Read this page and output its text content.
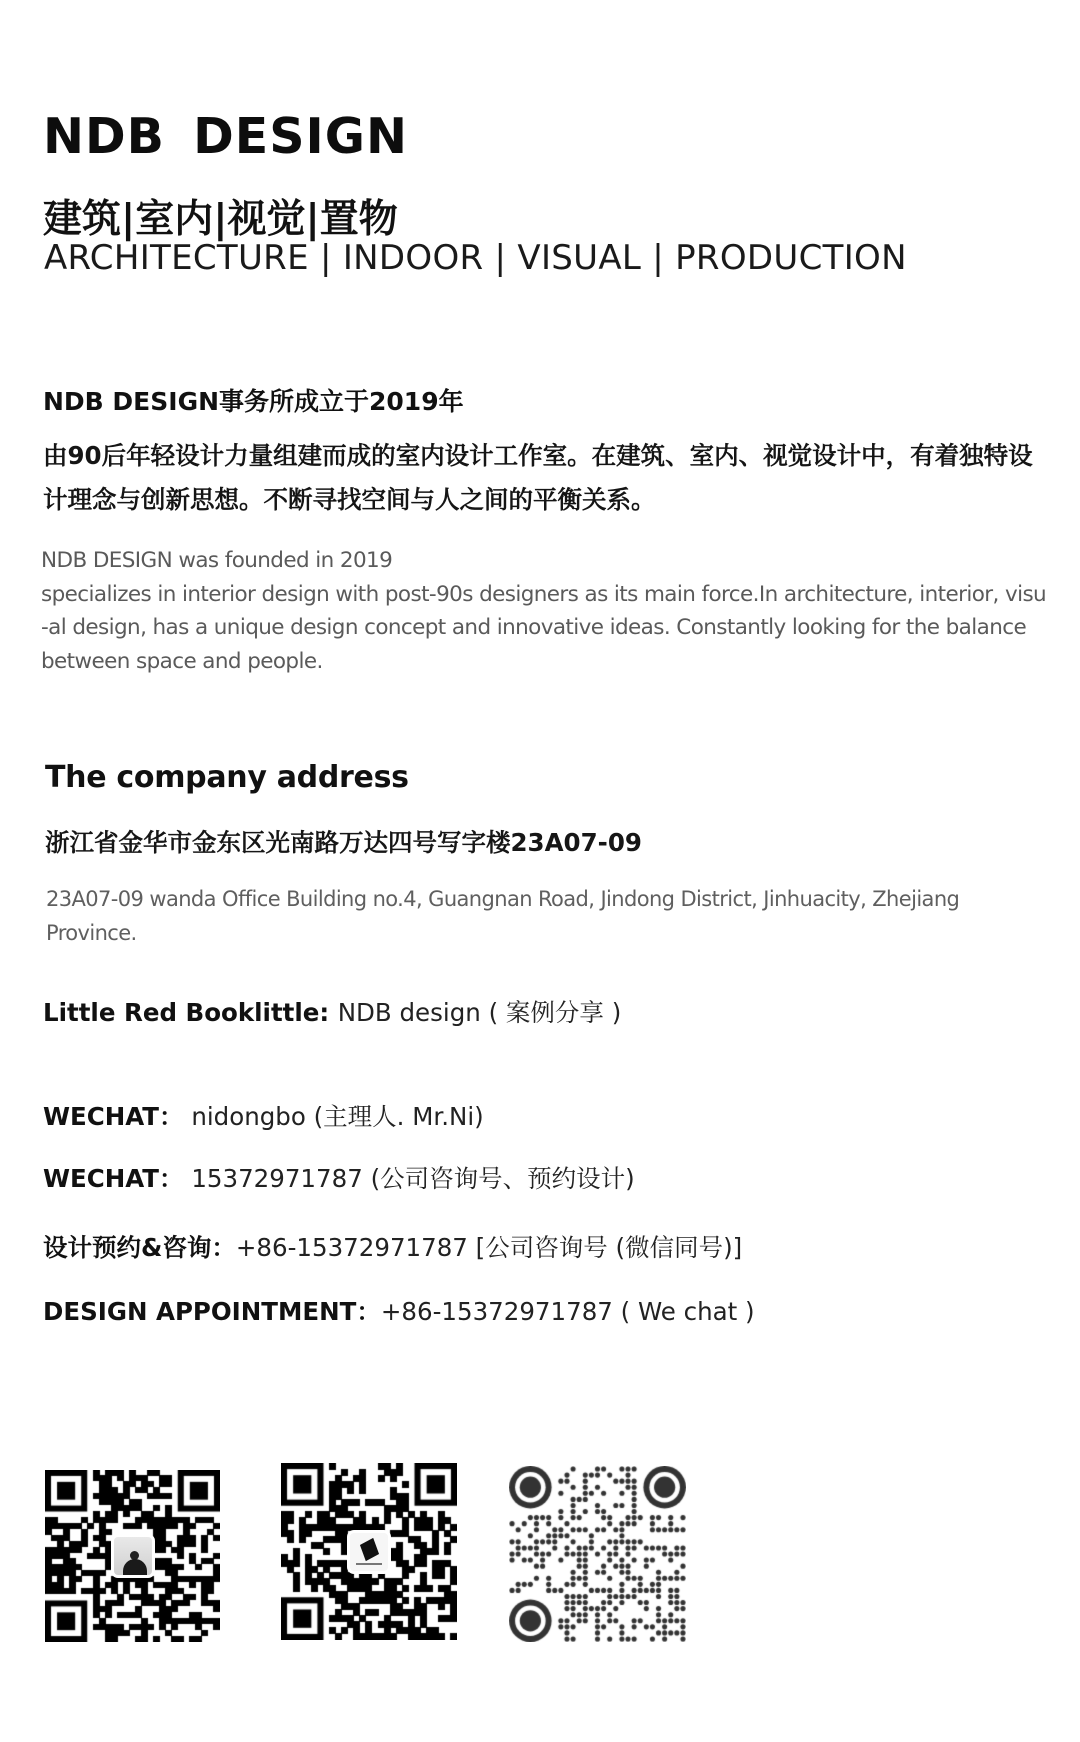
NDB DESIGN
建筑|室内|视觉|置物
ARCHITECTURE | INDOOR | VISUAL | PRODUCTION
NDB DESIGN事务所成立于2019年
由90后年轻设计力量组建而成的室内设计工作室。在建筑、室内、视觉设计中，有着独特设计理念与创新思想。不断寻找空间与人之间的平衡关系。
NDB DESIGN was founded in 2019
specializes in interior design with post-90s designers as its main force.In architecture, interior, visu
-al design, has a unique design concept and innovative ideas. Constantly looking for the balance
between space and people.
The company address
浙江省金华市金东区光南路万达四号写字楼23A07-09
23A07-09 wanda Office Building no.4, Guangnan Road, Jindong District, Jinhuacity, Zhejiang
Province.
Little Red Booklittle: NDB design ( 案例分享 )
WECHAT： nidongbo (主理人. Mr.Ni)
WECHAT： 15372971787 (公司咨询号、预约设计)
设计预约&咨询：+86-15372971787 [公司咨询号 (微信同号)]
DESIGN APPOINTMENT：+86-15372971787 ( We chat )
